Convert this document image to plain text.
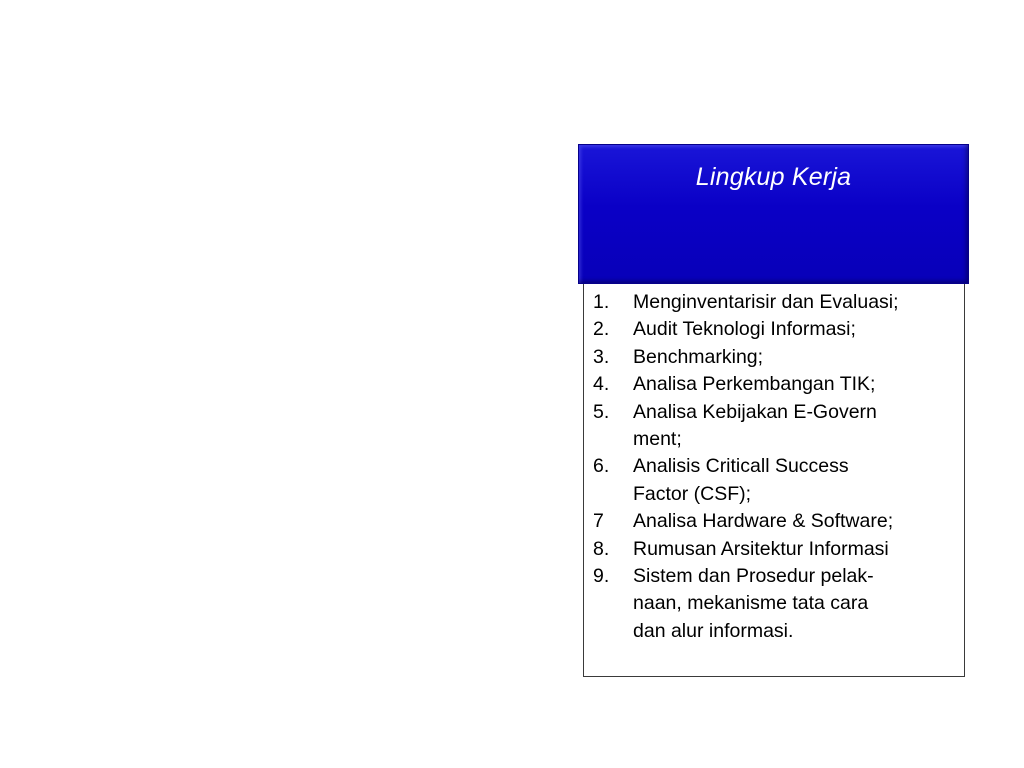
Lingkup Kerja
1.	Menginventarisir dan Evaluasi;
2.	Audit Teknologi Informasi;
3.	Benchmarking;
4.	Analisa Perkembangan TIK;
5.	Analisa Kebijakan E-Govern
ment;
6.	Analisis Criticall Success
Factor (CSF);
7	Analisa Hardware & Software;
8.	Rumusan Arsitektur Informasi
9.	Sistem dan Prosedur pelak-
naan, mekanisme tata cara
dan alur informasi.
